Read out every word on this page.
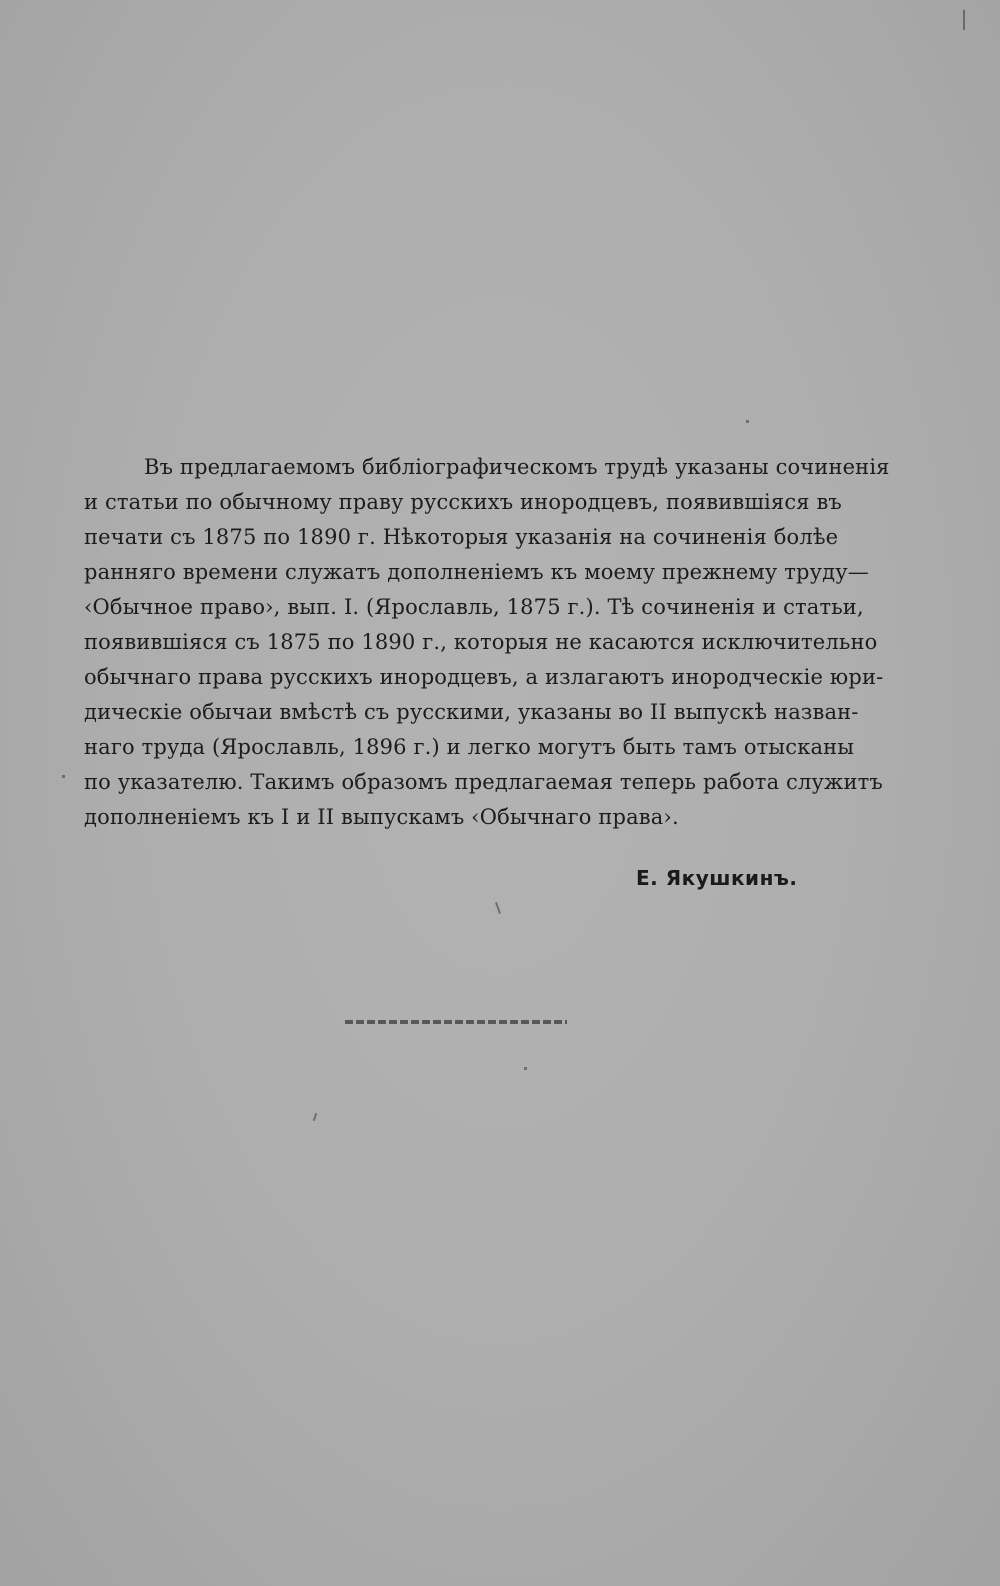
Въ предлагаемомъ библіографическомъ трудѣ указаны сочиненія
и статьи по обычному праву русскихъ инородцевъ, появившіяся въ
печати съ 1875 по 1890 г. Нѣкоторыя указанія на сочиненія болѣе
ранняго времени служатъ дополненіемъ къ моему прежнему труду—
‹Обычное право›, вып. I. (Ярославль, 1875 г.). Тѣ сочиненія и статьи,
появившіяся съ 1875 по 1890 г., которыя не касаются исключительно
обычнаго права русскихъ инородцевъ, а излагаютъ инородческіе юри-
дическіе обычаи вмѣстѣ съ русскими, указаны во II выпускѣ назван-
наго труда (Ярославль, 1896 г.) и легко могутъ быть тамъ отысканы
по указателю. Такимъ образомъ предлагаемая теперь работа служитъ
дополненіемъ къ I и II выпускамъ ‹Обычнаго права›.
Е. Якушкинъ.
